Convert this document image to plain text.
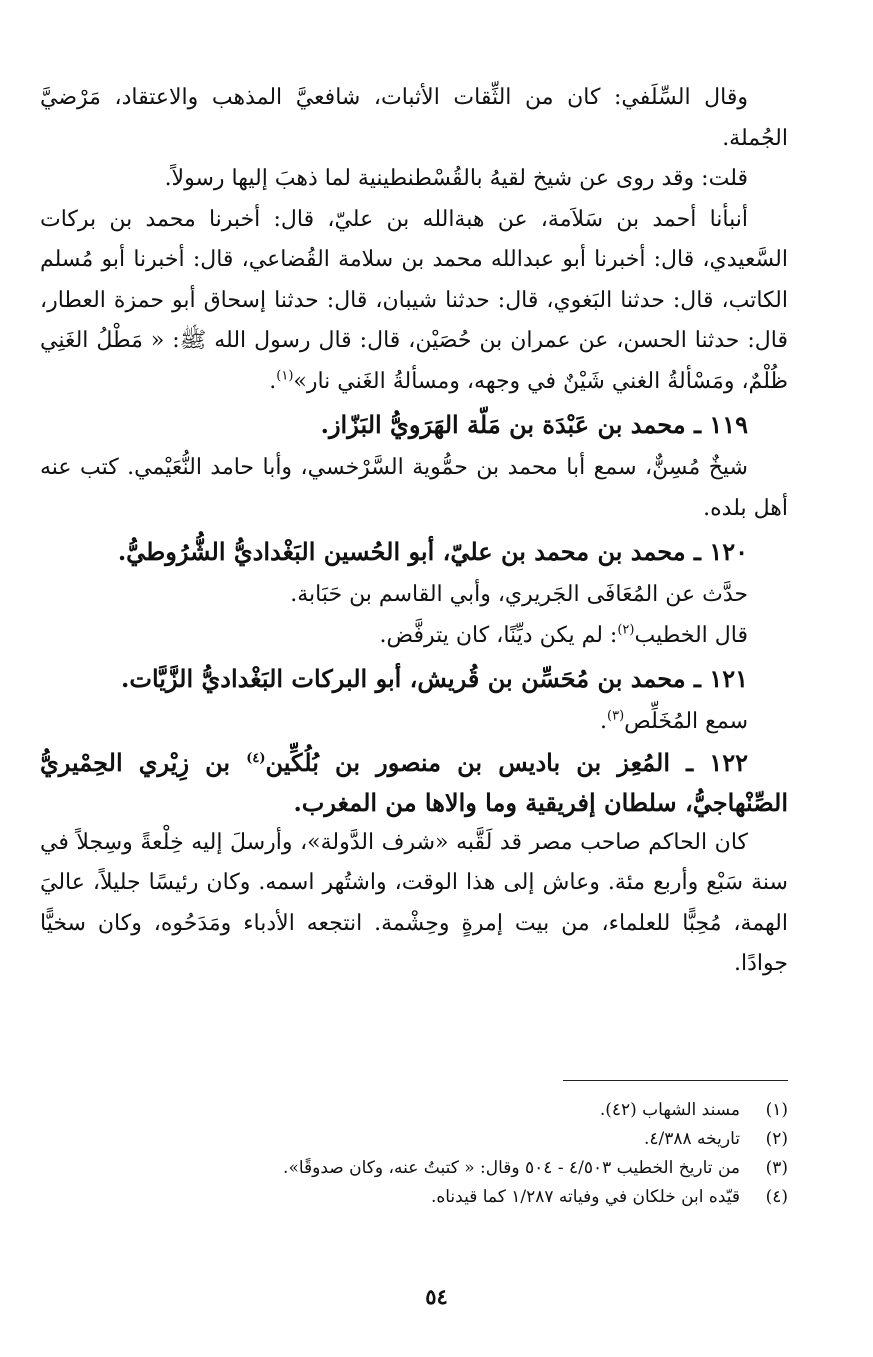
وقال السِّلَفي: كان من الثِّقات الأثبات، شافعيَّ المذهب والاعتقاد، مَرْضيَّ الجُملة.

قلت: وقد روى عن شيخ لقيهُ بالقُسْطنطينية لما ذهبَ إليها رسولاً.

أنبأنا أحمد بن سَلاَمة، عن هبةالله بن عليّ، قال: أخبرنا محمد بن بركات السَّعيدي، قال: أخبرنا أبو عبدالله محمد بن سلامة القُضاعي، قال: أخبرنا أبو مُسلم الكاتب، قال: حدثنا البَغوي، قال: حدثنا شيبان، قال: حدثنا إسحاق أبو حمزة العطار، قال: حدثنا الحسن، عن عمران بن حُصَيْن، قال: قال رسول الله ﷺ: « مَطْلُ الغَنِي ظُلْمٌ، ومَسْألةُ الغني شَيْنٌ في وجهه، ومسألةُ الغَني نار»$^{(١)}$.

١١٩ ـ محمد بن عَبْدَة بن مَلّة الهَرَويُّ البَزّاز.

شيخٌ مُسِنٌّ، سمع أبا محمد بن حمُّوية السَّرْخسي، وأبا حامد النُّعَيْمي. كتب عنه أهل بلده.

١٢٠ ـ محمد بن محمد بن عليّ، أبو الحُسين البَغْداديُّ الشُّرُوطيُّ.

حدَّث عن المُعَافَى الجَريري، وأبي القاسم بن حَبَابة.

قال الخطيب$^{(٢)}$: لم يكن ديِّنًا، كان يترفَّض.

١٢١ ـ محمد بن مُحَسِّن بن قُريش، أبو البركات البَغْداديُّ الزَّيَّات.

سمع المُخَلِّص$^{(٣)}$.

١٢٢ ـ المُعِز بن باديس بن منصور بن بُلُكِّين$^{(٤)}$ بن زِيْري الحِمْيريُّ الصِّنْهاجيُّ، سلطان إفريقية وما والاها من المغرب.

كان الحاكم صاحب مصر قد لَقَّبه «شرف الدَّولة»، وأرسلَ إليه خِلْعةً وسِجلاً في سنة سَبْع وأربع مئة. وعاش إلى هذا الوقت، واشتُهر اسمه. وكان رئيسًا جليلاً، عاليَ الهمة، مُحِبًّا للعلماء، من بيت إمرةٍ وحِشْمة. انتجعه الأدباء ومَدَحُوه، وكان سخيًّا جوادًا.

(١)
مسند الشهاب (٤٢).
(٢)
تاريخه ٤/٣٨٨.
(٣)
من تاريخ الخطيب ٤/٥٠٣ - ٥٠٤ وقال: « كتبتُ عنه، وكان صدوقًا».
(٤)
قيّده ابن خلكان في وفياته ١/٢٨٧ كما قيدناه.
٥٤
